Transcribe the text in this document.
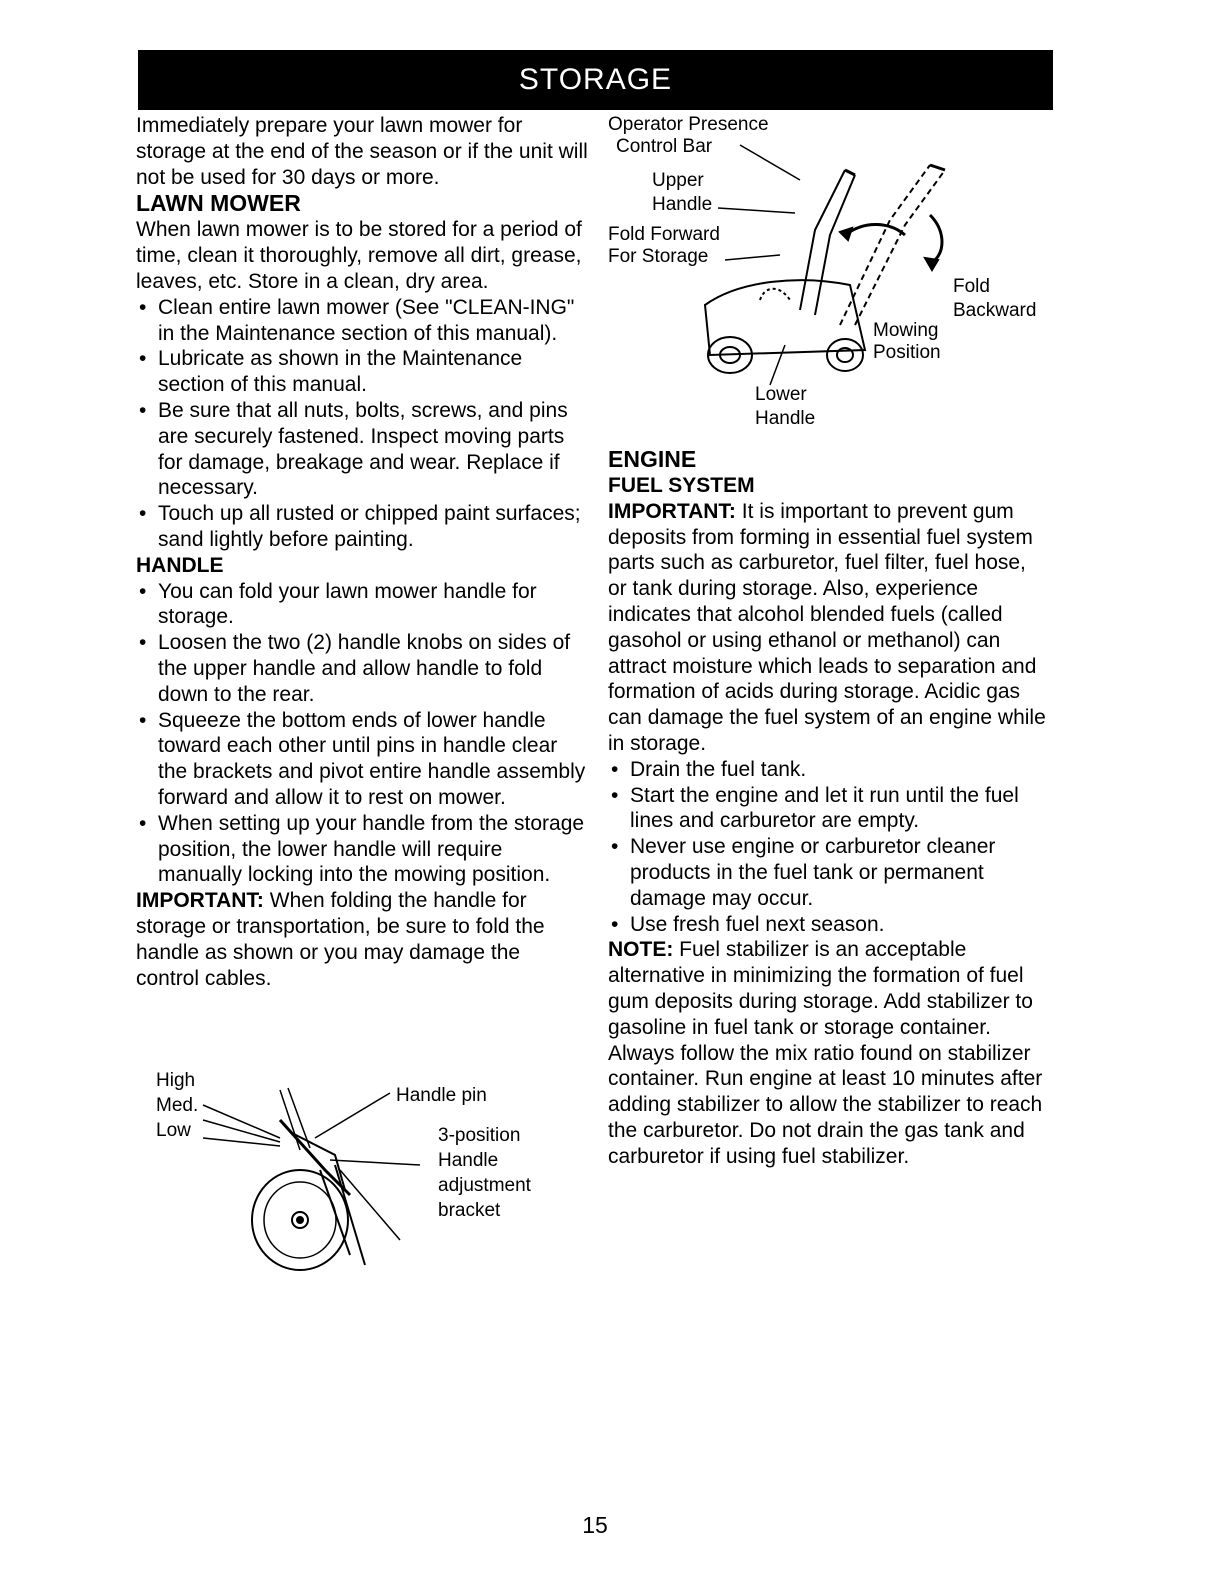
STORAGE

Immediately prepare your lawn mower for storage at the end of the season or if the unit will not be used for 30 days or more.

LAWN MOWER

When lawn mower is to be stored for a period of time, clean it thoroughly, remove all dirt, grease, leaves, etc. Store in a clean, dry area.

• Clean entire lawn mower (See "CLEAN-ING" in the Maintenance section of this manual).

• Lubricate as shown in the Maintenance section of this manual.

• Be sure that all nuts, bolts, screws, and pins are securely fastened. Inspect moving parts for damage, breakage and wear. Replace if necessary.

• Touch up all rusted or chipped paint surfaces; sand lightly before painting.

HANDLE

• You can fold your lawn mower handle for storage.

• Loosen the two (2) handle knobs on sides of the upper handle and allow handle to fold down to the rear.

• Squeeze the bottom ends of lower handle toward each other until pins in handle clear the brackets and pivot entire handle assembly forward and allow it to rest on mower.

• When setting up your handle from the storage position, the lower handle will require manually locking into the mowing position.

IMPORTANT: When folding the handle for storage or transportation, be sure to fold the handle as shown or you may damage the control cables.

High
Med.
Low
Handle pin
3-position
Handle
adjustment
bracket
Operator Presence
Control Bar
Upper
Handle
Fold Forward
For Storage
Fold
Backward
Mowing
Position
Lower
Handle

ENGINE

FUEL SYSTEM

IMPORTANT: It is important to prevent gum deposits from forming in essential fuel system parts such as carburetor, fuel filter, fuel hose, or tank during storage. Also, experience indicates that alcohol blended fuels (called gasohol or using ethanol or methanol) can attract moisture which leads to separation and formation of acids during storage. Acidic gas can damage the fuel system of an engine while in storage.

• Drain the fuel tank.

• Start the engine and let it run until the fuel lines and carburetor are empty.

• Never use engine or carburetor cleaner products in the fuel tank or permanent damage may occur.

• Use fresh fuel next season.

NOTE: Fuel stabilizer is an acceptable alternative in minimizing the formation of fuel gum deposits during storage. Add stabilizer to gasoline in fuel tank or storage container. Always follow the mix ratio found on stabilizer container. Run engine at least 10 minutes after adding stabilizer to allow the stabilizer to reach the carburetor. Do not drain the gas tank and carburetor if using fuel stabilizer.

15
